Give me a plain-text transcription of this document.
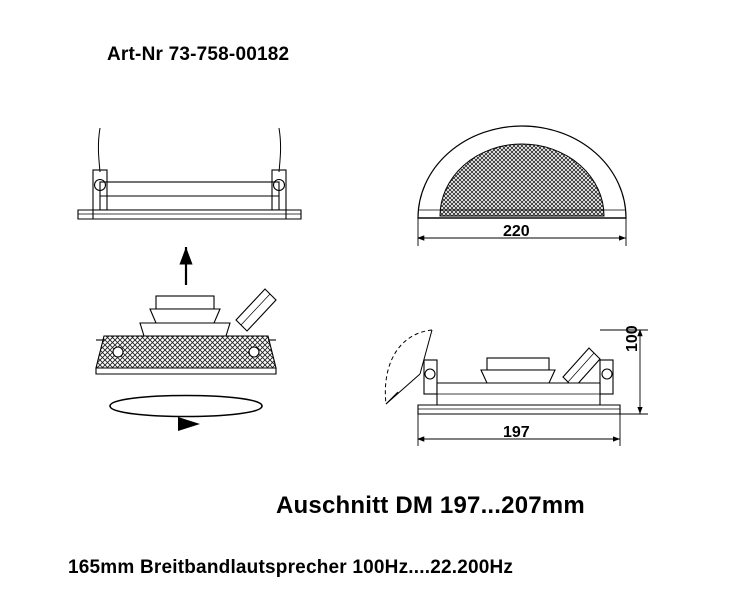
Art-Nr 73-758-00182
Auschnitt DM 197...207mm
165mm Breitbandlautsprecher 100Hz....22.200Hz
220
197
100
